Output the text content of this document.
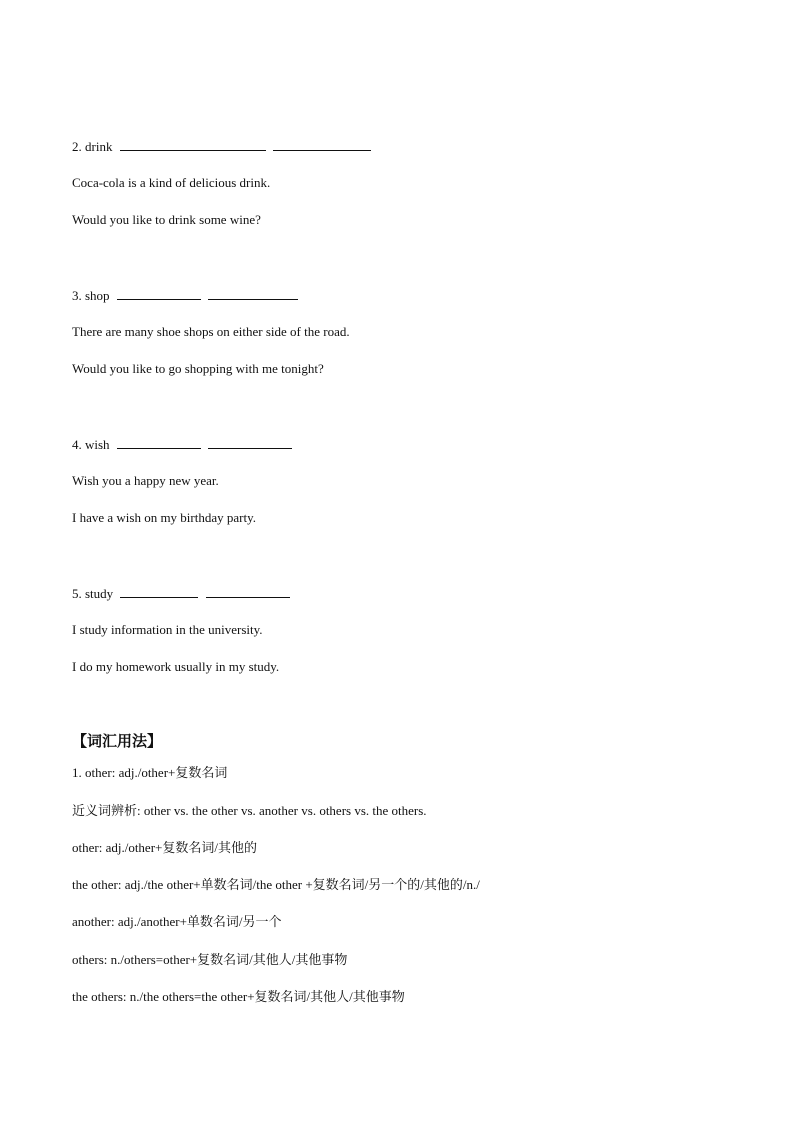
2. drink
Coca-cola is a kind of delicious drink.
Would you like to drink some wine?
3. shop
There are many shoe shops on either side of the road.
Would you like to go shopping with me tonight?
4. wish
Wish you a happy new year.
I have a wish on my birthday party.
5. study
I study information in the university.
I do my homework usually in my study.
【词汇用法】
1. other: adj./other+复数名词
近义词辨析: other vs. the other vs. another vs. others vs. the others.
other: adj./other+复数名词/其他的
the other: adj./the other+单数名词/the other +复数名词/另一个的/其他的/n./
another: adj./another+单数名词/另一个
others: n./others=other+复数名词/其他人/其他事物
the others: n./the others=the other+复数名词/其他人/其他事物
